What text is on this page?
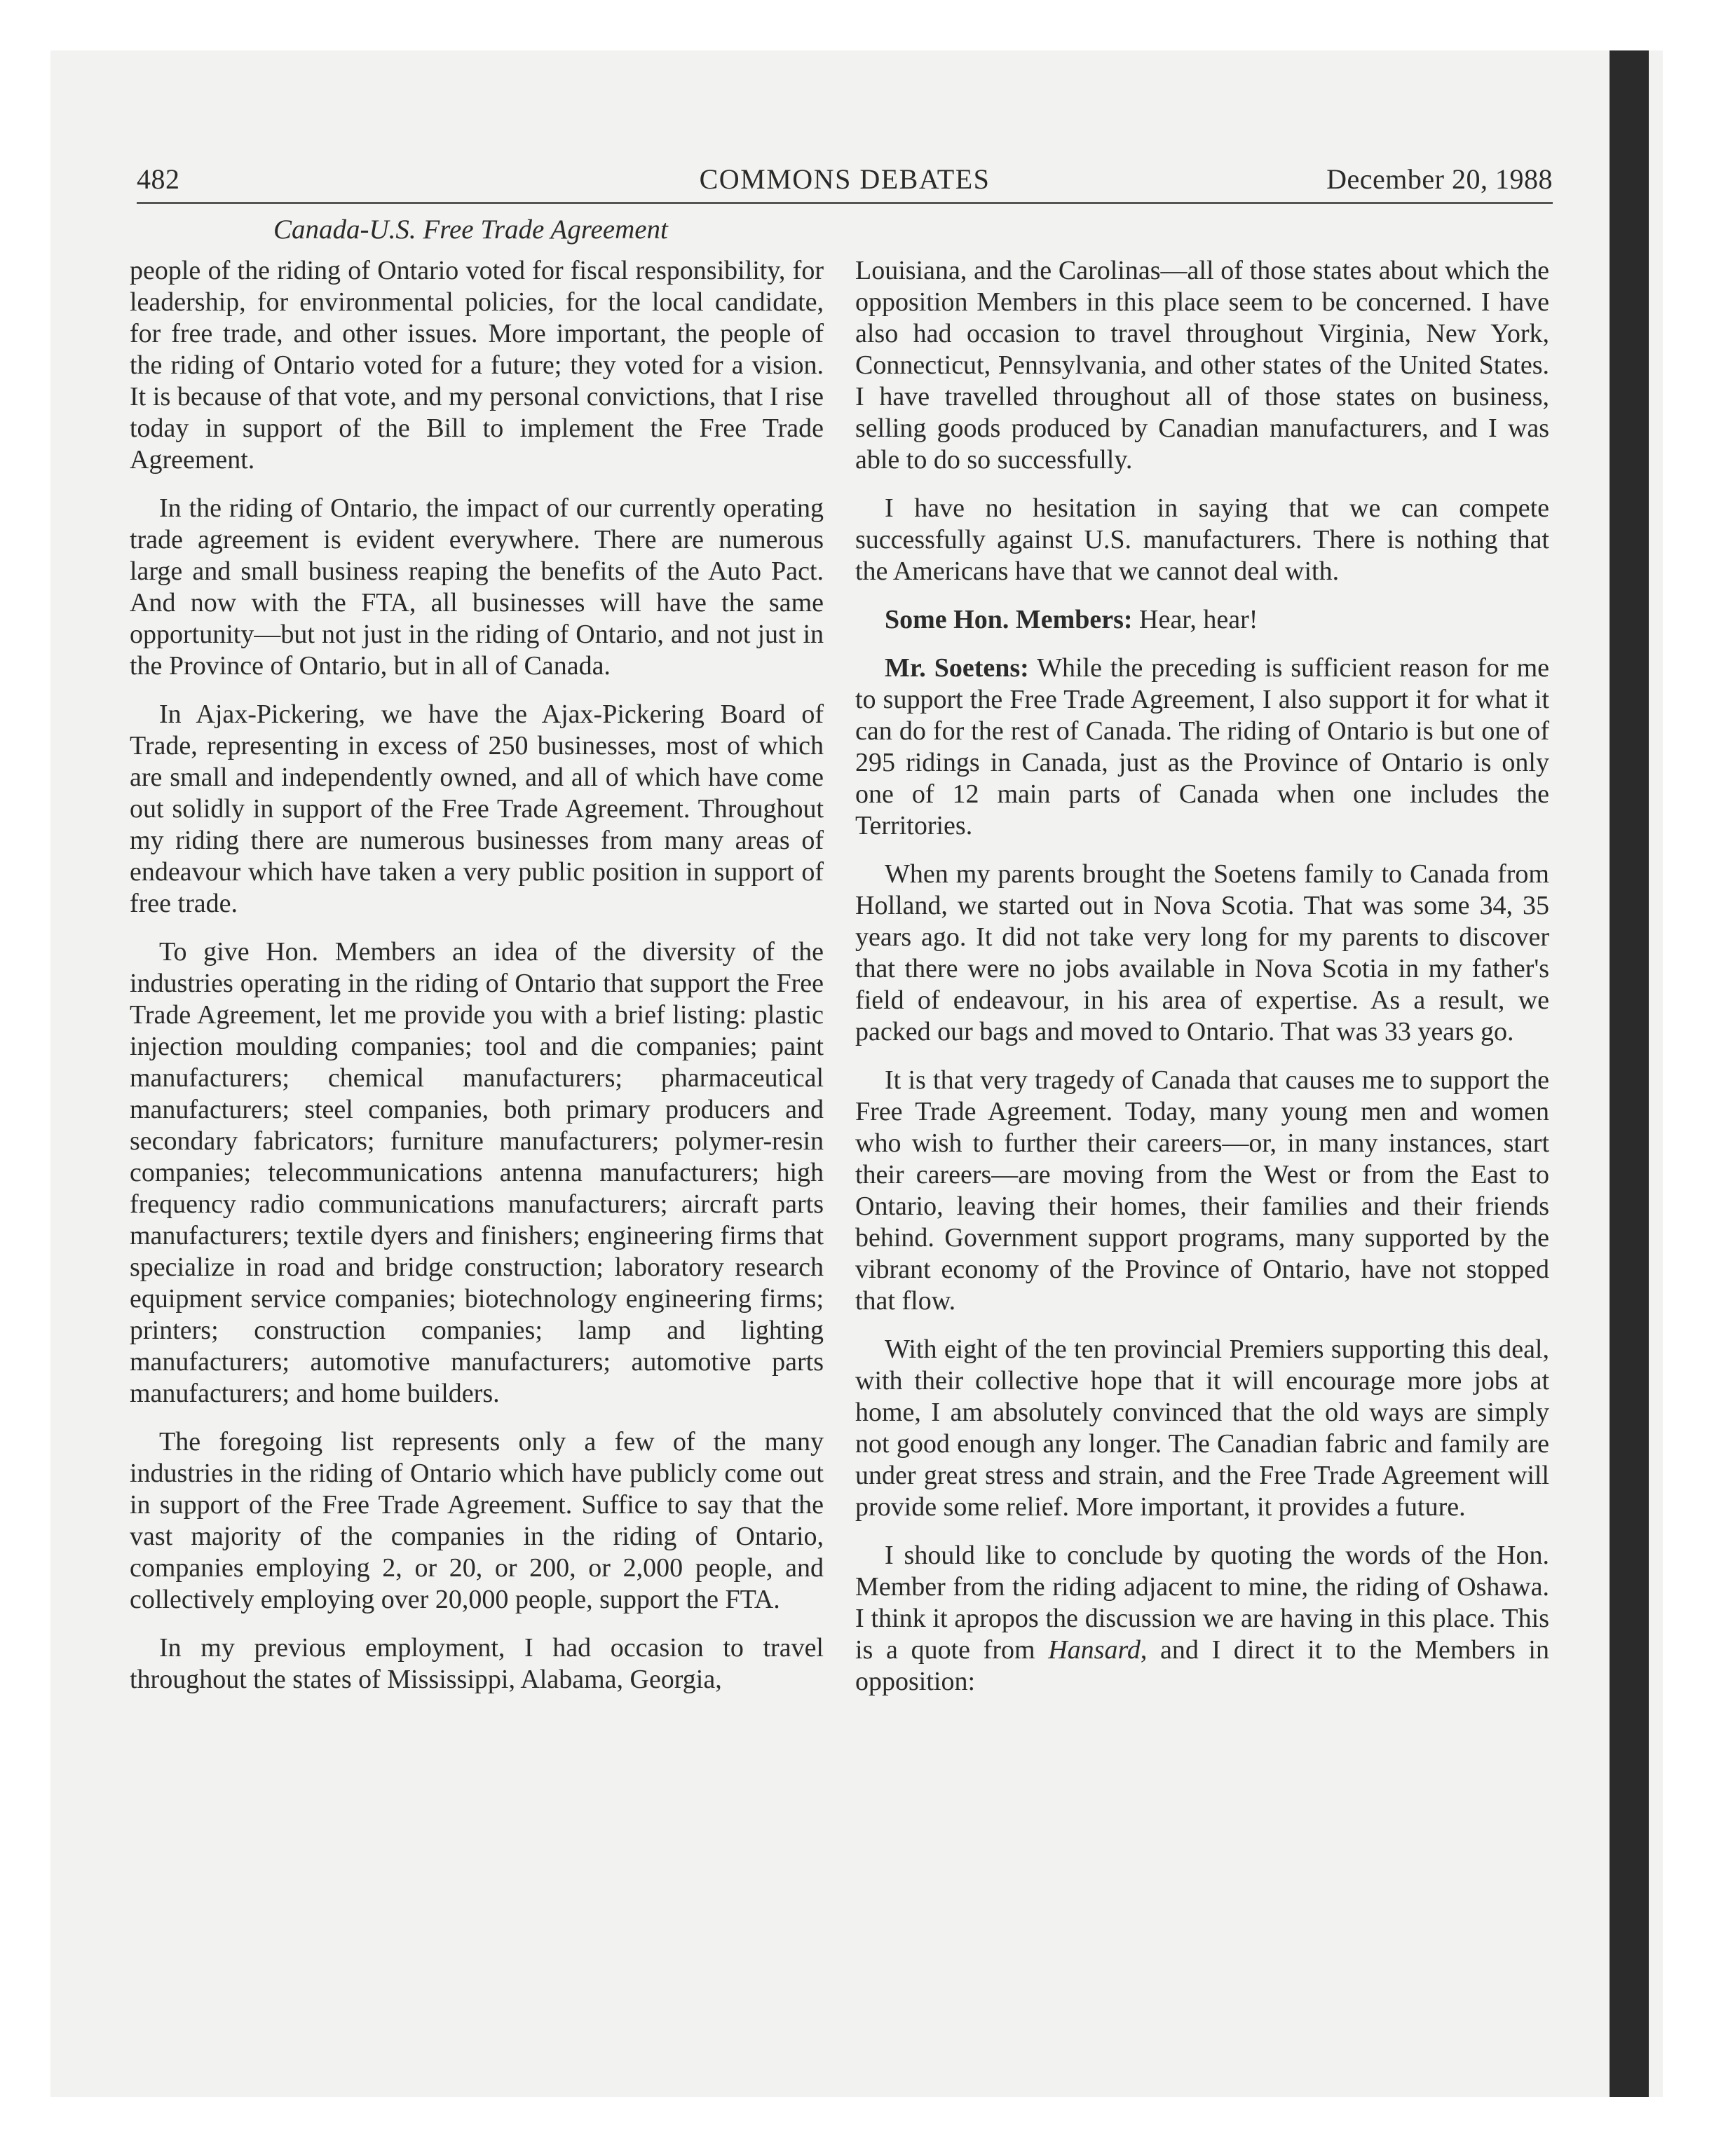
482	COMMONS DEBATES	December 20, 1988
Canada-U.S. Free Trade Agreement

people of the riding of Ontario voted for fiscal responsibility, for leadership, for environmental policies, for the local candidate, for free trade, and other issues. More important, the people of the riding of Ontario voted for a future; they voted for a vision. It is because of that vote, and my personal convictions, that I rise today in support of the Bill to implement the Free Trade Agreement.

In the riding of Ontario, the impact of our currently operating trade agreement is evident everywhere. There are numerous large and small business reaping the benefits of the Auto Pact. And now with the FTA, all businesses will have the same opportunity—but not just in the riding of Ontario, and not just in the Province of Ontario, but in all of Canada.

In Ajax-Pickering, we have the Ajax-Pickering Board of Trade, representing in excess of 250 businesses, most of which are small and independently owned, and all of which have come out solidly in support of the Free Trade Agreement. Throughout my riding there are numerous businesses from many areas of endeavour which have taken a very public position in support of free trade.

To give Hon. Members an idea of the diversity of the industries operating in the riding of Ontario that support the Free Trade Agreement, let me provide you with a brief listing: plastic injection moulding companies; tool and die companies; paint manufacturers; chemical manufacturers; pharmaceutical manufacturers; steel companies, both primary producers and secondary fabricators; furniture manufacturers; polymer-resin companies; telecommunications antenna manufacturers; high frequency radio communications manufacturers; aircraft parts manufacturers; textile dyers and finishers; engineering firms that specialize in road and bridge construction; laboratory research equipment service companies; biotechnology engineering firms; printers; construction companies; lamp and lighting manufacturers; automotive manufacturers; automotive parts manufacturers; and home builders.

The foregoing list represents only a few of the many industries in the riding of Ontario which have publicly come out in support of the Free Trade Agreement. Suffice to say that the vast majority of the companies in the riding of Ontario, companies employing 2, or 20, or 200, or 2,000 people, and collectively employing over 20,000 people, support the FTA.

In my previous employment, I had occasion to travel throughout the states of Mississippi, Alabama, Georgia,

Louisiana, and the Carolinas—all of those states about which the opposition Members in this place seem to be concerned. I have also had occasion to travel throughout Virginia, New York, Connecticut, Pennsylvania, and other states of the United States. I have travelled throughout all of those states on business, selling goods produced by Canadian manufacturers, and I was able to do so successfully.

I have no hesitation in saying that we can compete successfully against U.S. manufacturers. There is nothing that the Americans have that we cannot deal with.

Some Hon. Members: Hear, hear!

Mr. Soetens: While the preceding is sufficient reason for me to support the Free Trade Agreement, I also support it for what it can do for the rest of Canada. The riding of Ontario is but one of 295 ridings in Canada, just as the Province of Ontario is only one of 12 main parts of Canada when one includes the Territories.

When my parents brought the Soetens family to Canada from Holland, we started out in Nova Scotia. That was some 34, 35 years ago. It did not take very long for my parents to discover that there were no jobs available in Nova Scotia in my father's field of endeavour, in his area of expertise. As a result, we packed our bags and moved to Ontario. That was 33 years go.

It is that very tragedy of Canada that causes me to support the Free Trade Agreement. Today, many young men and women who wish to further their careers—or, in many instances, start their careers—are moving from the West or from the East to Ontario, leaving their homes, their families and their friends behind. Government support programs, many supported by the vibrant economy of the Province of Ontario, have not stopped that flow.

With eight of the ten provincial Premiers supporting this deal, with their collective hope that it will encourage more jobs at home, I am absolutely convinced that the old ways are simply not good enough any longer. The Canadian fabric and family are under great stress and strain, and the Free Trade Agreement will provide some relief. More important, it provides a future.

I should like to conclude by quoting the words of the Hon. Member from the riding adjacent to mine, the riding of Oshawa. I think it apropos the discussion we are having in this place. This is a quote from Hansard, and I direct it to the Members in opposition:
